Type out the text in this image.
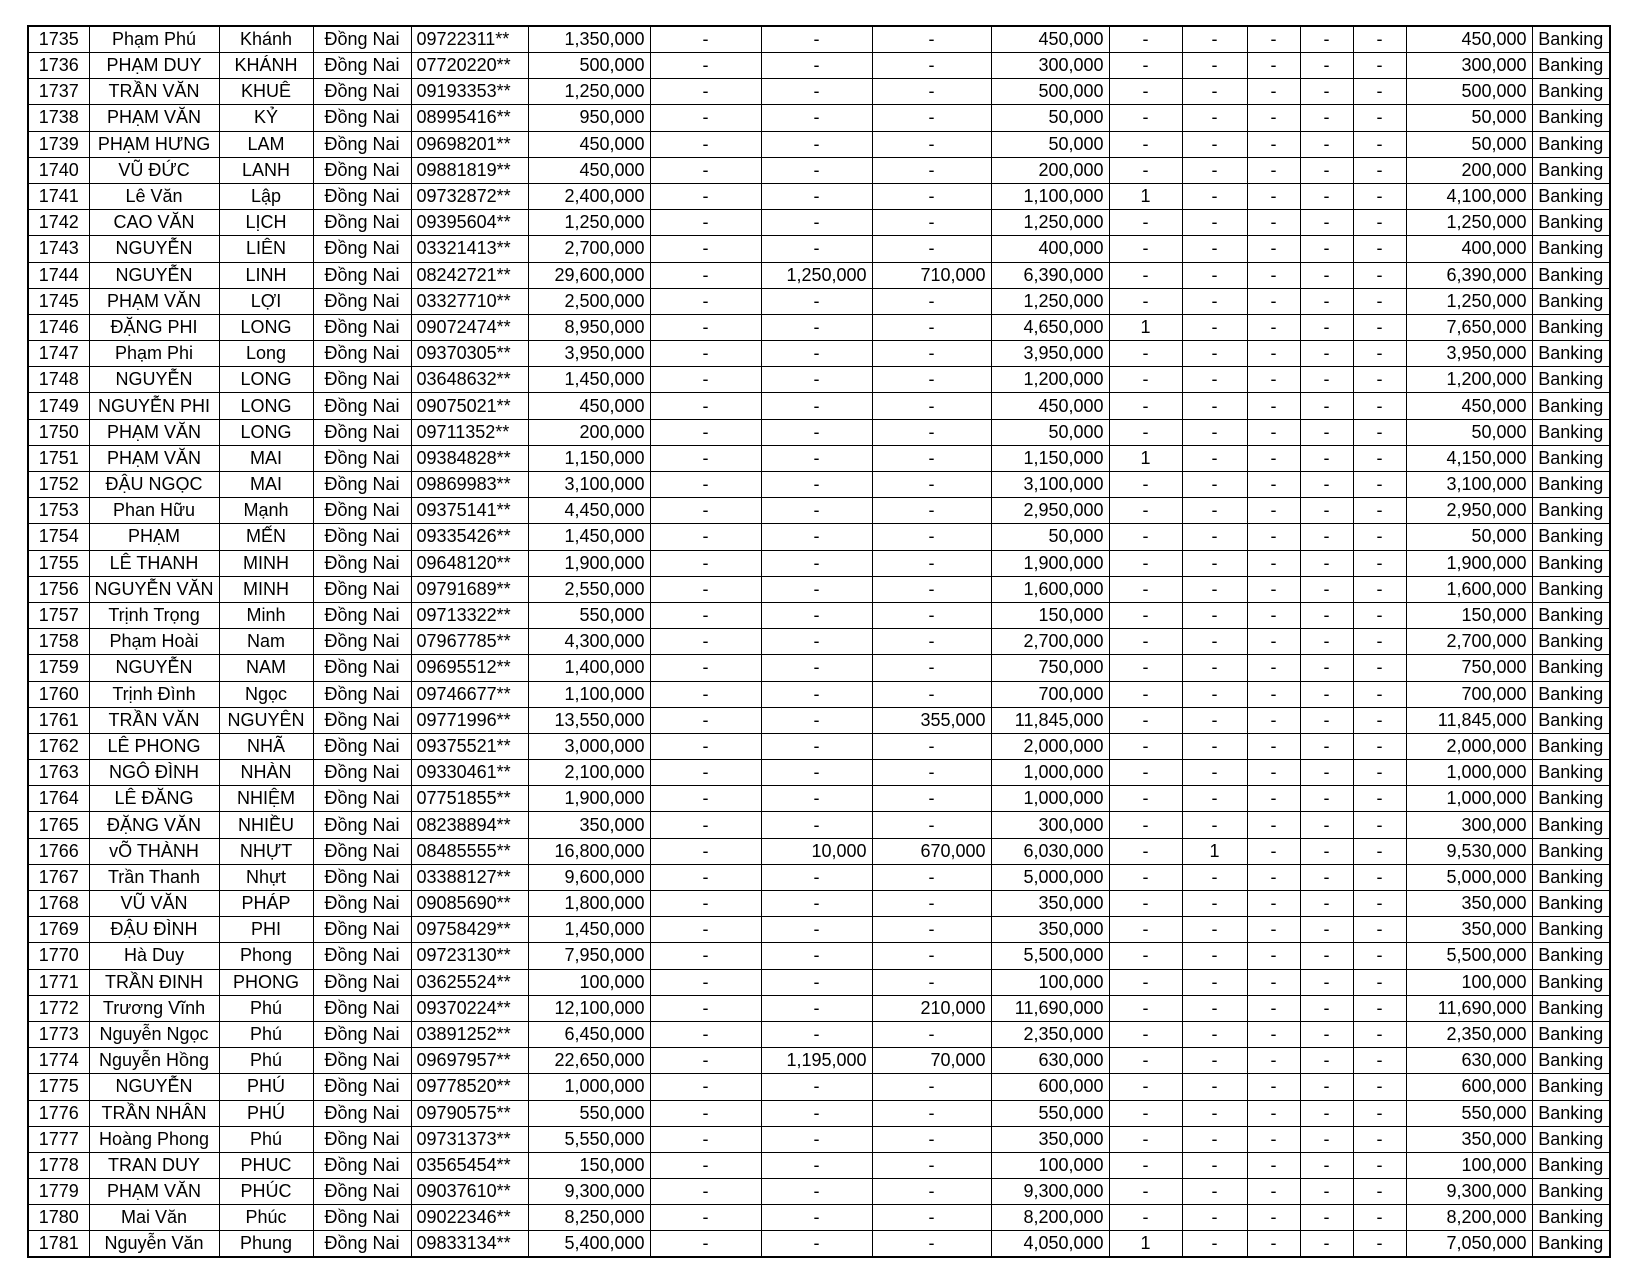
1735	Phạm Phú	Khánh	Đồng Nai	09722311**	1,350,000	-	-	-	450,000	-	-	-	-	-	450,000	Banking
1736	PHẠM DUY	KHÁNH	Đồng Nai	07720220**	500,000	-	-	-	300,000	-	-	-	-	-	300,000	Banking
1737	TRẦN VĂN	KHUÊ	Đồng Nai	09193353**	1,250,000	-	-	-	500,000	-	-	-	-	-	500,000	Banking
1738	PHẠM VĂN	KỶ	Đồng Nai	08995416**	950,000	-	-	-	50,000	-	-	-	-	-	50,000	Banking
1739	PHẠM HƯNG	LAM	Đồng Nai	09698201**	450,000	-	-	-	50,000	-	-	-	-	-	50,000	Banking
1740	VŨ ĐỨC	LANH	Đồng Nai	09881819**	450,000	-	-	-	200,000	-	-	-	-	-	200,000	Banking
1741	Lê Văn	Lập	Đồng Nai	09732872**	2,400,000	-	-	-	1,100,000	1	-	-	-	-	4,100,000	Banking
1742	CAO VĂN	LỊCH	Đồng Nai	09395604**	1,250,000	-	-	-	1,250,000	-	-	-	-	-	1,250,000	Banking
1743	NGUYỄN	LIÊN	Đồng Nai	03321413**	2,700,000	-	-	-	400,000	-	-	-	-	-	400,000	Banking
1744	NGUYỄN	LINH	Đồng Nai	08242721**	29,600,000	-	1,250,000	710,000	6,390,000	-	-	-	-	-	6,390,000	Banking
1745	PHẠM VĂN	LỢI	Đồng Nai	03327710**	2,500,000	-	-	-	1,250,000	-	-	-	-	-	1,250,000	Banking
1746	ĐẶNG PHI	LONG	Đồng Nai	09072474**	8,950,000	-	-	-	4,650,000	1	-	-	-	-	7,650,000	Banking
1747	Phạm Phi	Long	Đồng Nai	09370305**	3,950,000	-	-	-	3,950,000	-	-	-	-	-	3,950,000	Banking
1748	NGUYỄN	LONG	Đồng Nai	03648632**	1,450,000	-	-	-	1,200,000	-	-	-	-	-	1,200,000	Banking
1749	NGUYỄN PHI	LONG	Đồng Nai	09075021**	450,000	-	-	-	450,000	-	-	-	-	-	450,000	Banking
1750	PHẠM VĂN	LONG	Đồng Nai	09711352**	200,000	-	-	-	50,000	-	-	-	-	-	50,000	Banking
1751	PHẠM VĂN	MAI	Đồng Nai	09384828**	1,150,000	-	-	-	1,150,000	1	-	-	-	-	4,150,000	Banking
1752	ĐẬU NGỌC	MAI	Đồng Nai	09869983**	3,100,000	-	-	-	3,100,000	-	-	-	-	-	3,100,000	Banking
1753	Phan Hữu	Mạnh	Đồng Nai	09375141**	4,450,000	-	-	-	2,950,000	-	-	-	-	-	2,950,000	Banking
1754	PHẠM	MẾN	Đồng Nai	09335426**	1,450,000	-	-	-	50,000	-	-	-	-	-	50,000	Banking
1755	LÊ THANH	MINH	Đồng Nai	09648120**	1,900,000	-	-	-	1,900,000	-	-	-	-	-	1,900,000	Banking
1756	NGUYỄN VĂN	MINH	Đồng Nai	09791689**	2,550,000	-	-	-	1,600,000	-	-	-	-	-	1,600,000	Banking
1757	Trịnh Trọng	Minh	Đồng Nai	09713322**	550,000	-	-	-	150,000	-	-	-	-	-	150,000	Banking
1758	Phạm Hoài	Nam	Đồng Nai	07967785**	4,300,000	-	-	-	2,700,000	-	-	-	-	-	2,700,000	Banking
1759	NGUYỄN	NAM	Đồng Nai	09695512**	1,400,000	-	-	-	750,000	-	-	-	-	-	750,000	Banking
1760	Trịnh Đình	Ngọc	Đồng Nai	09746677**	1,100,000	-	-	-	700,000	-	-	-	-	-	700,000	Banking
1761	TRẦN VĂN	NGUYÊN	Đồng Nai	09771996**	13,550,000	-	-	355,000	11,845,000	-	-	-	-	-	11,845,000	Banking
1762	LÊ PHONG	NHÃ	Đồng Nai	09375521**	3,000,000	-	-	-	2,000,000	-	-	-	-	-	2,000,000	Banking
1763	NGÔ ĐÌNH	NHÀN	Đồng Nai	09330461**	2,100,000	-	-	-	1,000,000	-	-	-	-	-	1,000,000	Banking
1764	LÊ ĐĂNG	NHIỆM	Đồng Nai	07751855**	1,900,000	-	-	-	1,000,000	-	-	-	-	-	1,000,000	Banking
1765	ĐẶNG VĂN	NHIỀU	Đồng Nai	08238894**	350,000	-	-	-	300,000	-	-	-	-	-	300,000	Banking
1766	vÕ THÀNH	NHỰT	Đồng Nai	08485555**	16,800,000	-	10,000	670,000	6,030,000	-	1	-	-	-	9,530,000	Banking
1767	Trần Thanh	Nhựt	Đồng Nai	03388127**	9,600,000	-	-	-	5,000,000	-	-	-	-	-	5,000,000	Banking
1768	VŨ VĂN	PHÁP	Đồng Nai	09085690**	1,800,000	-	-	-	350,000	-	-	-	-	-	350,000	Banking
1769	ĐẬU ĐÌNH	PHI	Đồng Nai	09758429**	1,450,000	-	-	-	350,000	-	-	-	-	-	350,000	Banking
1770	Hà Duy	Phong	Đồng Nai	09723130**	7,950,000	-	-	-	5,500,000	-	-	-	-	-	5,500,000	Banking
1771	TRẦN ĐINH	PHONG	Đồng Nai	03625524**	100,000	-	-	-	100,000	-	-	-	-	-	100,000	Banking
1772	Trương Vĩnh	Phú	Đồng Nai	09370224**	12,100,000	-	-	210,000	11,690,000	-	-	-	-	-	11,690,000	Banking
1773	Nguyễn Ngọc	Phú	Đồng Nai	03891252**	6,450,000	-	-	-	2,350,000	-	-	-	-	-	2,350,000	Banking
1774	Nguyễn Hồng	Phú	Đồng Nai	09697957**	22,650,000	-	1,195,000	70,000	630,000	-	-	-	-	-	630,000	Banking
1775	NGUYỄN	PHÚ	Đồng Nai	09778520**	1,000,000	-	-	-	600,000	-	-	-	-	-	600,000	Banking
1776	TRẦN NHÂN	PHÚ	Đồng Nai	09790575**	550,000	-	-	-	550,000	-	-	-	-	-	550,000	Banking
1777	Hoàng Phong	Phú	Đồng Nai	09731373**	5,550,000	-	-	-	350,000	-	-	-	-	-	350,000	Banking
1778	TRAN DUY	PHUC	Đồng Nai	03565454**	150,000	-	-	-	100,000	-	-	-	-	-	100,000	Banking
1779	PHẠM VĂN	PHÚC	Đồng Nai	09037610**	9,300,000	-	-	-	9,300,000	-	-	-	-	-	9,300,000	Banking
1780	Mai Văn	Phúc	Đồng Nai	09022346**	8,250,000	-	-	-	8,200,000	-	-	-	-	-	8,200,000	Banking
1781	Nguyễn Văn	Phung	Đồng Nai	09833134**	5,400,000	-	-	-	4,050,000	1	-	-	-	-	7,050,000	Banking
